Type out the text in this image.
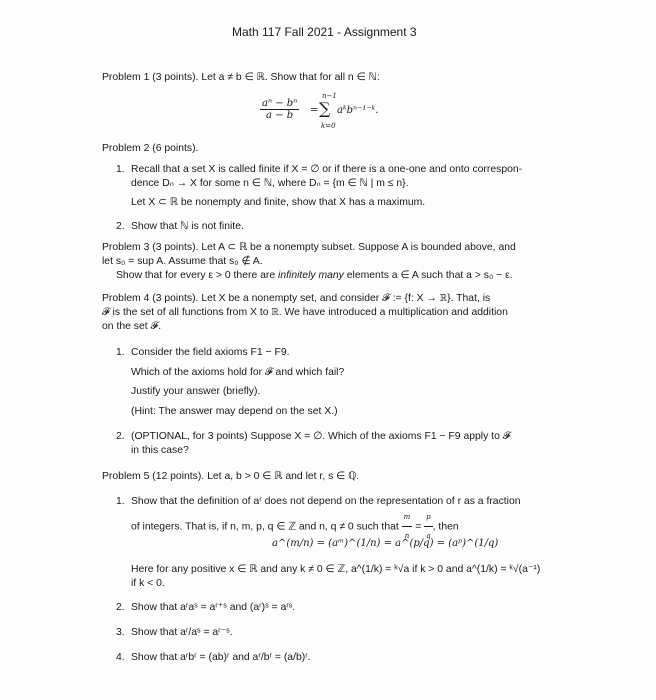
Math 117 Fall 2021 - Assignment 3
Problem 1 (3 points). Let a ≠ b ∈ ℝ. Show that for all n ∈ ℕ:
$\frac{\text{aⁿ − bⁿ}}{a - b}$ =
n−1
∑
k=0
aᵏbⁿ⁻¹⁻ᵏ.
Problem 2 (6 points).
1. Recall that a set X is called finite if X = ∅ or if there is a one-one and onto correspon-
dence Dₙ → X for some n ∈ ℕ, where Dₙ = {m ∈ ℕ | m ≤ n}.
Let X ⊂ ℝ be nonempty and finite, show that X has a maximum.
2. Show that ℕ is not finite.
Problem 3 (3 points). Let A ⊂ ℝ be a nonempty subset. Suppose A is bounded above, and
let s₀ = sup A. Assume that s₀ ∉ A.
Show that for every ε > 0 there are infinitely many elements a ∈ A such that a > s₀ − ε.
Problem 4 (3 points). Let X be a nonempty set, and consider 𝓕 := {f: X → ℝ}. That, is
𝓕 is the set of all functions from X to ℝ. We have introduced a multiplication and addition
on the set 𝓕.
1. Consider the field axioms F1 − F9.
Which of the axioms hold for 𝓕 and which fail?
Justify your answer (briefly).
(Hint: The answer may depend on the set X.)
2. (OPTIONAL, for 3 points) Suppose X = ∅. Which of the axioms F1 − F9 apply to 𝓕
in this case?
Problem 5 (12 points). Let a, b > 0 ∈ ℝ and let r, s ∈ ℚ.
1. Show that the definition of aʳ does not depend on the representation of r as a fraction
of integers. That is, if n, m, p, q ∈ ℤ and n, q ≠ 0 such that $\frac{m}{n} = \frac{p}{q}$ , then
a^(m/n) = (aᵐ)^(1/n) = a^(p/q) = (aᵖ)^(1/q)
Here for any positive x ∈ ℝ and any k ≠ 0 ∈ ℤ, a^(1/k) = ᵏ√a if k > 0 and a^(1/k) = ᵏ√(a⁻¹)
if k < 0.
2. Show that aʳaˢ = aʳ⁺ˢ and (aʳ)ˢ = aʳˢ.
3. Show that aʳ/aˢ = aʳ⁻ˢ.
4. Show that aʳbʳ = (ab)ʳ and aʳ/bʳ = (a/b)ʳ.
